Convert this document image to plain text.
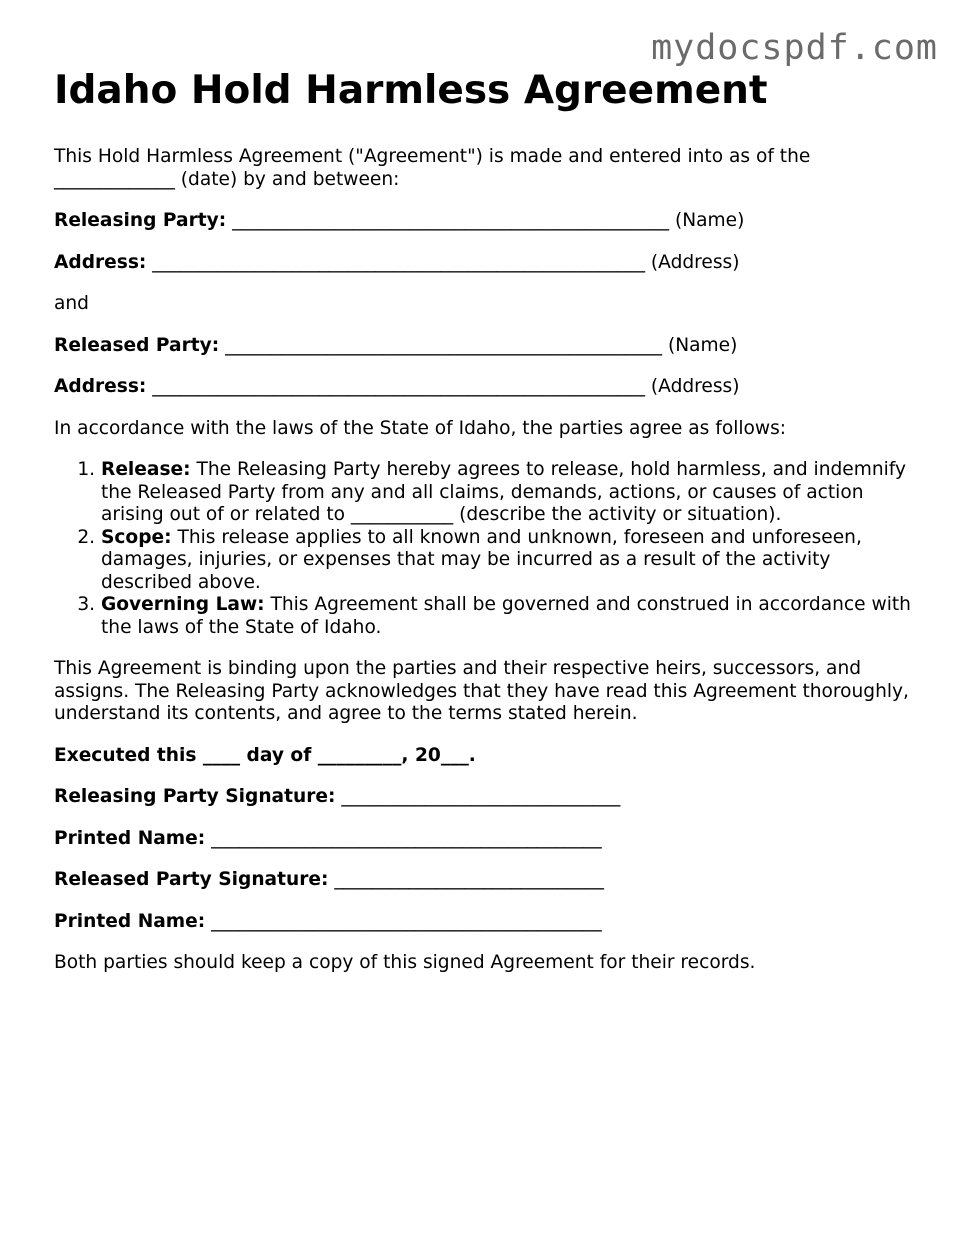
mydocspdf.com
Idaho Hold Harmless Agreement

This Hold Harmless Agreement ("Agreement") is made and entered into as of the _____________ (date) by and between:

Releasing Party: _______________________________________________ (Name)

Address: _____________________________________________________ (Address)

and

Released Party: _______________________________________________ (Name)

Address: _____________________________________________________ (Address)

In accordance with the laws of the State of Idaho, the parties agree as follows:

1. Release: The Releasing Party hereby agrees to release, hold harmless, and indemnify the Released Party from any and all claims, demands, actions, or causes of action arising out of or related to ___________ (describe the activity or situation).
2. Scope: This release applies to all known and unknown, foreseen and unforeseen, damages, injuries, or expenses that may be incurred as a result of the activity described above.
3. Governing Law: This Agreement shall be governed and construed in accordance with the laws of the State of Idaho.

This Agreement is binding upon the parties and their respective heirs, successors, and assigns. The Releasing Party acknowledges that they have read this Agreement thoroughly, understand its contents, and agree to the terms stated herein.

Executed this ____ day of _________, 20___.

Releasing Party Signature: ______________________________

Printed Name: __________________________________________

Released Party Signature: _____________________________

Printed Name: __________________________________________

Both parties should keep a copy of this signed Agreement for their records.
